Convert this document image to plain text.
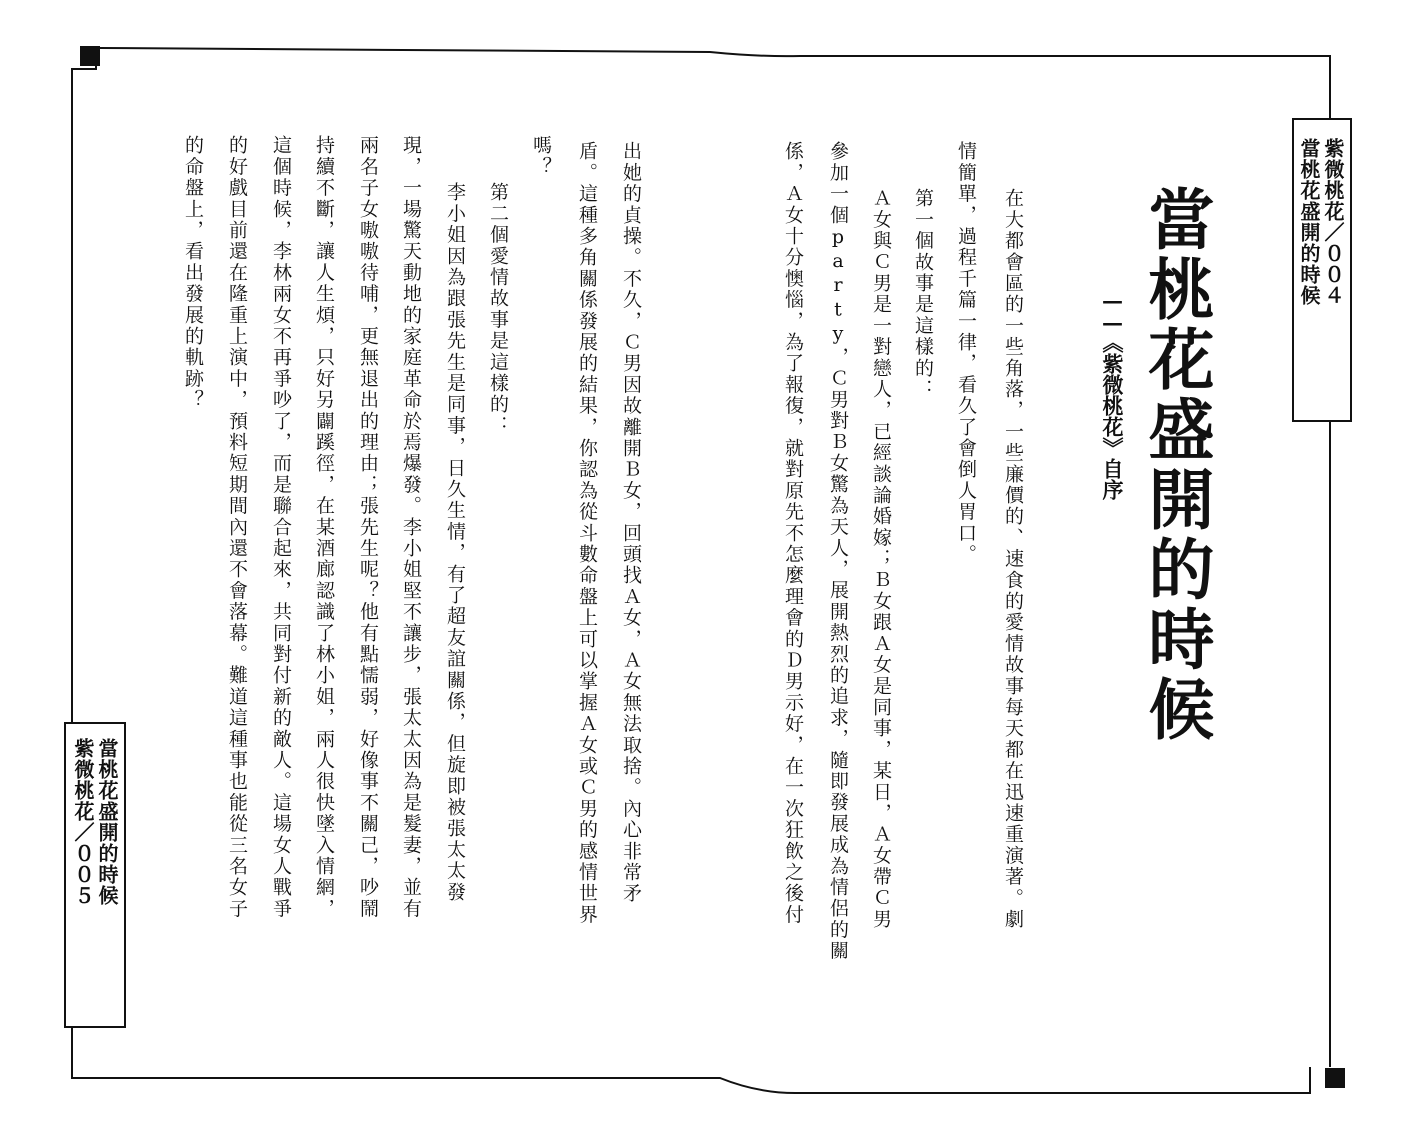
紫微桃花／００４
當桃花盛開的時候
當桃花盛開的時候
——《紫微桃花》自序
在大都會區的一些角落，一些廉價的、速食的愛情故事每天都在迅速重演著。劇
情簡單，過程千篇一律，看久了會倒人胃口。
第一個故事是這樣的：
Ａ女與Ｃ男是一對戀人，已經談論婚嫁；Ｂ女跟Ａ女是同事，某日，Ａ女帶Ｃ男
參加一個party，Ｃ男對Ｂ女驚為天人，展開熱烈的追求，隨即發展成為情侶的關
係，Ａ女十分懊惱，為了報復，就對原先不怎麼理會的Ｄ男示好，在一次狂飲之後付
出她的貞操。不久，Ｃ男因故離開Ｂ女，回頭找Ａ女，Ａ女無法取捨。內心非常矛
盾。這種多角關係發展的結果，你認為從斗數命盤上可以掌握Ａ女或Ｃ男的感情世界
嗎？
第二個愛情故事是這樣的：
李小姐因為跟張先生是同事，日久生情，有了超友誼關係，但旋即被張太太發
現，一場驚天動地的家庭革命於焉爆發。李小姐堅不讓步，張太太因為是髮妻，並有
兩名子女嗷嗷待哺，更無退出的理由；張先生呢？他有點懦弱，好像事不關己，吵鬧
持續不斷，讓人生煩，只好另闢蹊徑，在某酒廊認識了林小姐，兩人很快墜入情網，
這個時候，李林兩女不再爭吵了，而是聯合起來，共同對付新的敵人。這場女人戰爭
的好戲目前還在隆重上演中，預料短期間內還不會落幕。難道這種事也能從三名女子
的命盤上，看出發展的軌跡？
當桃花盛開的時候
紫微桃花／００５
